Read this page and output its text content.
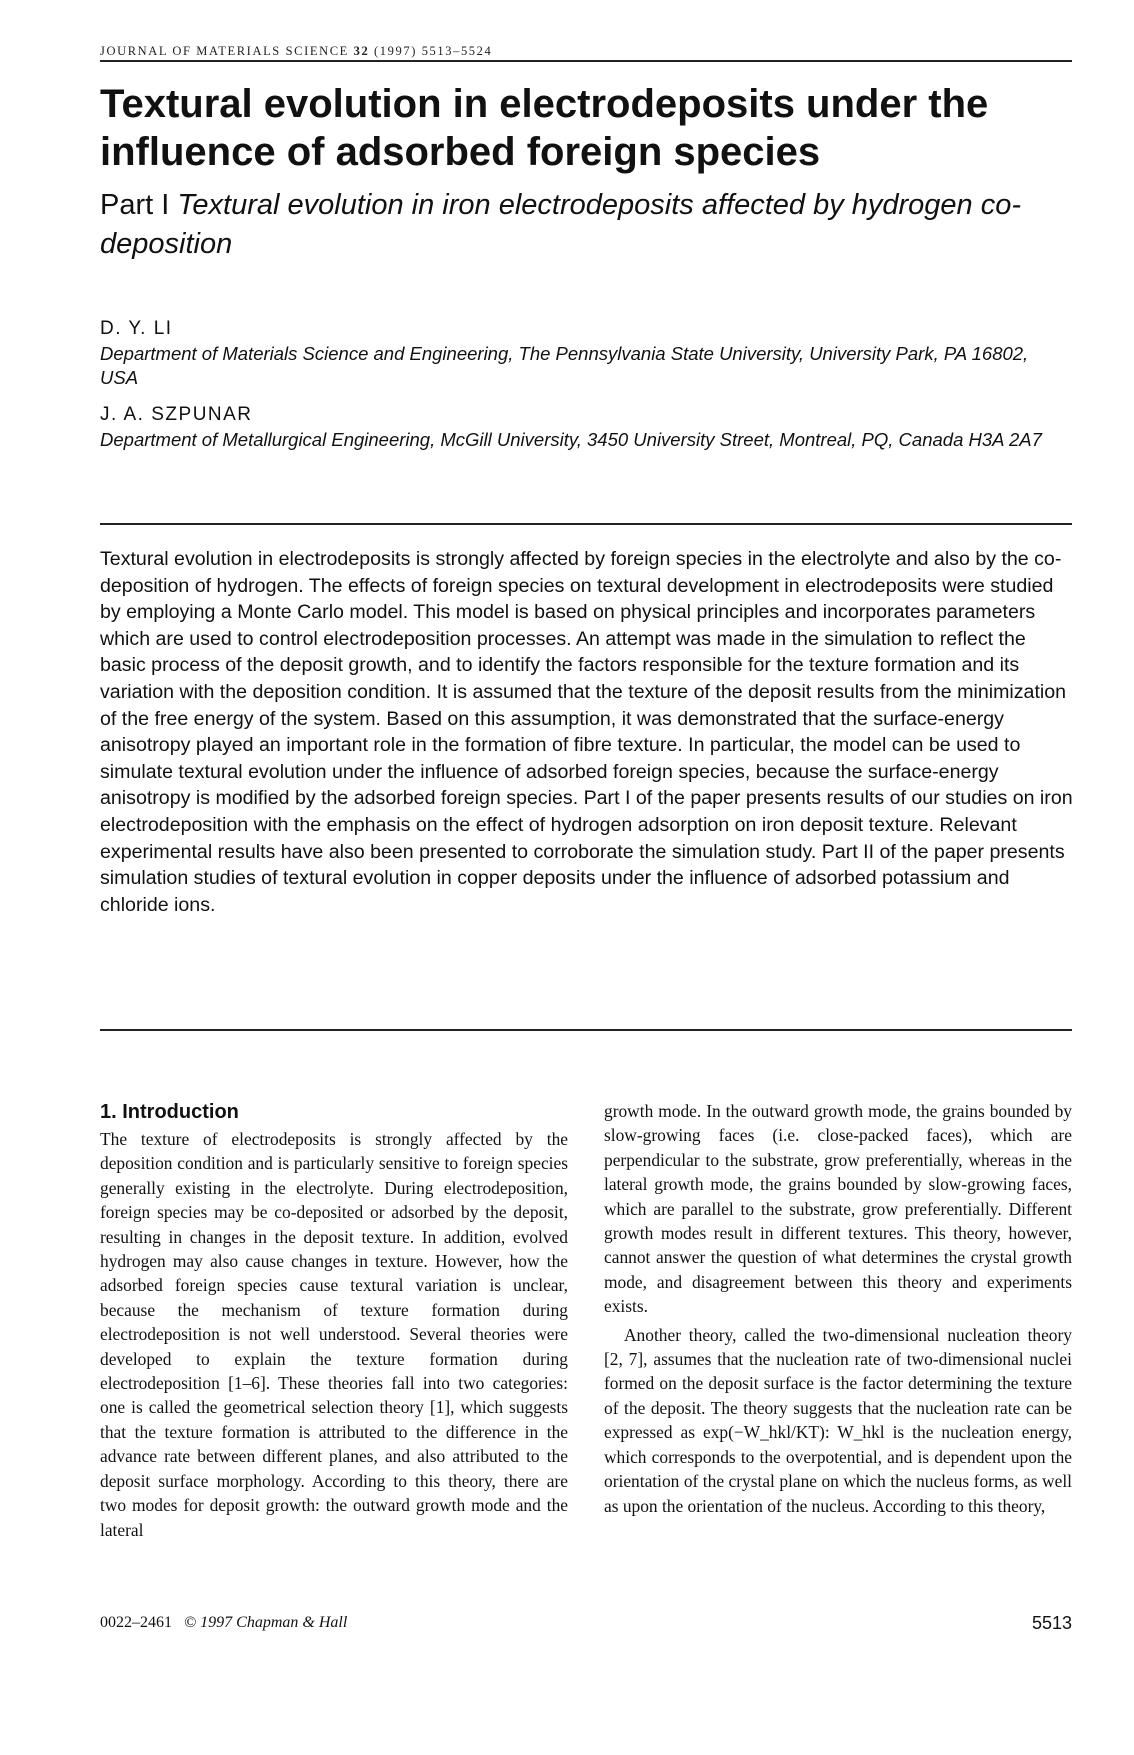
JOURNAL OF MATERIALS SCIENCE 32 (1997) 5513–5524
Textural evolution in electrodeposits under the influence of adsorbed foreign species

Part I Textural evolution in iron electrodeposits affected by hydrogen co-deposition

D. Y. LI
Department of Materials Science and Engineering, The Pennsylvania State University, University Park, PA 16802, USA
J. A. SZPUNAR
Department of Metallurgical Engineering, McGill University, 3450 University Street, Montreal, PQ, Canada H3A 2A7

Textural evolution in electrodeposits is strongly affected by foreign species in the electrolyte and also by the co-deposition of hydrogen. The effects of foreign species on textural development in electrodeposits were studied by employing a Monte Carlo model. This model is based on physical principles and incorporates parameters which are used to control electrodeposition processes. An attempt was made in the simulation to reflect the basic process of the deposit growth, and to identify the factors responsible for the texture formation and its variation with the deposition condition. It is assumed that the texture of the deposit results from the minimization of the free energy of the system. Based on this assumption, it was demonstrated that the surface-energy anisotropy played an important role in the formation of fibre texture. In particular, the model can be used to simulate textural evolution under the influence of adsorbed foreign species, because the surface-energy anisotropy is modified by the adsorbed foreign species. Part I of the paper presents results of our studies on iron electrodeposition with the emphasis on the effect of hydrogen adsorption on iron deposit texture. Relevant experimental results have also been presented to corroborate the simulation study. Part II of the paper presents simulation studies of textural evolution in copper deposits under the influence of adsorbed potassium and chloride ions.

1. Introduction

The texture of electrodeposits is strongly affected by the deposition condition and is particularly sensitive to foreign species generally existing in the electrolyte. During electrodeposition, foreign species may be co-deposited or adsorbed by the deposit, resulting in changes in the deposit texture. In addition, evolved hydrogen may also cause changes in texture. However, how the adsorbed foreign species cause textural variation is unclear, because the mechanism of texture formation during electrodeposition is not well understood. Several theories were developed to explain the texture formation during electrodeposition [1–6]. These theories fall into two categories: one is called the geometrical selection theory [1], which suggests that the texture formation is attributed to the difference in the advance rate between different planes, and also attributed to the deposit surface morphology. According to this theory, there are two modes for deposit growth: the outward growth mode and the lateral

growth mode. In the outward growth mode, the grains bounded by slow-growing faces (i.e. close-packed faces), which are perpendicular to the substrate, grow preferentially, whereas in the lateral growth mode, the grains bounded by slow-growing faces, which are parallel to the substrate, grow preferentially. Different growth modes result in different textures. This theory, however, cannot answer the question of what determines the crystal growth mode, and disagreement between this theory and experiments exists.

Another theory, called the two-dimensional nucleation theory [2, 7], assumes that the nucleation rate of two-dimensional nuclei formed on the deposit surface is the factor determining the texture of the deposit. The theory suggests that the nucleation rate can be expressed as exp(−W_hkl/KT): W_hkl is the nucleation energy, which corresponds to the overpotential, and is dependent upon the orientation of the crystal plane on which the nucleus forms, as well as upon the orientation of the nucleus. According to this theory,

0022–2461 © 1997 Chapman & Hall	5513
